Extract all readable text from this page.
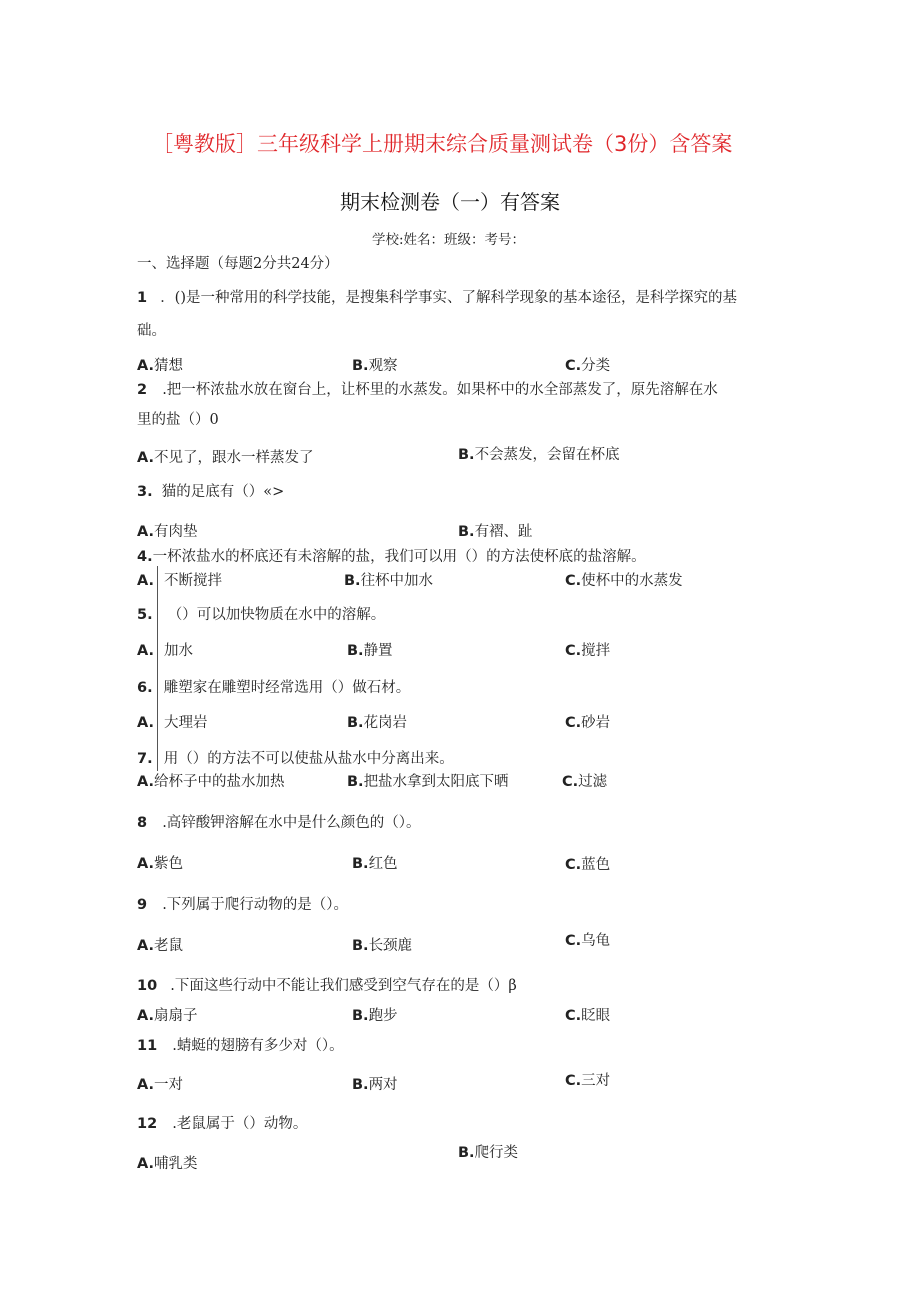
［粤教版］三年级科学上册期末综合质量测试卷（3份）含答案
期末检测卷（一）有答案
学校:姓名：班级：考号：
一、选择题（每题2分共24分）
1 ．()是一种常用的科学技能，是搜集科学事实、了解科学现象的基本途径，是科学探究的基
础。
A.猜想	B.观察	C.分类
2 .把一杯浓盐水放在窗台上，让杯里的水蒸发。如果杯中的水全部蒸发了，原先溶解在水
里的盐（）0
A.不见了，跟水一样蒸发了	B.不会蒸发，会留在杯底
3. 猫的足底有（）«>
A.有肉垫	B.有褶、趾
4.一杯浓盐水的杯底还有未溶解的盐，我们可以用（）的方法使杯底的盐溶解。
A. 不断搅拌	B.往杯中加水	C.使杯中的水蒸发
5. （）可以加快物质在水中的溶解。
A. 加水	B.静置	C.搅拌
6. 雕塑家在雕塑时经常选用（）做石材。
A. 大理岩	B.花岗岩	C.砂岩
7. 用（）的方法不可以使盐从盐水中分离出来。
A.给杯子中的盐水加热	B.把盐水拿到太阳底下晒	C.过滤
8 .高锌酸钾溶解在水中是什么颜色的（）。
A.紫色	B.红色	C.蓝色
9 .下列属于爬行动物的是（）。
A.老鼠	B.长颈鹿	C.乌龟
10 .下面这些行动中不能让我们感受到空气存在的是（）β
A.扇扇子	B.跑步	C.眨眼
11 .蜻蜓的翅膀有多少对（）。
A.一对	B.两对	C.三对
12 .老鼠属于（）动物。
A.哺乳类
B.爬行类
